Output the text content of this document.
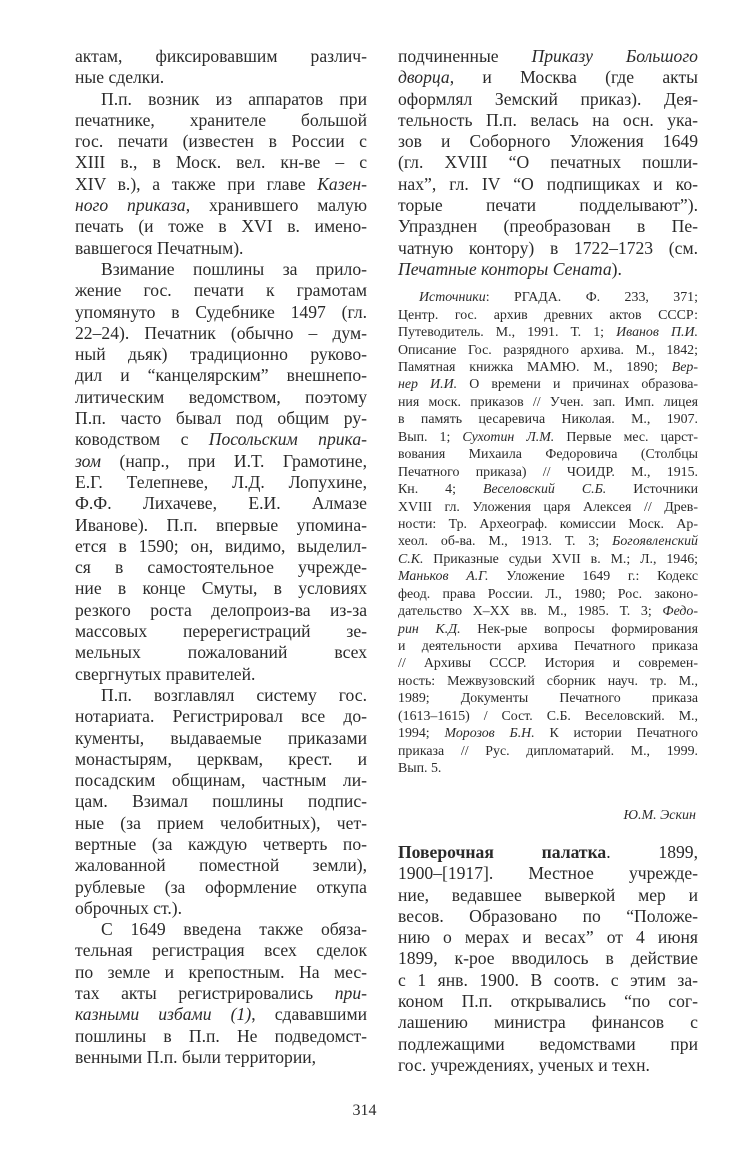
актам, фиксировавшим различ-
ные сделки.
П.п. возник из аппаратов при
печатнике, хранителе большой
гос. печати (известен в России с
XIII в., в Моск. вел. кн-ве – с
XIV в.), а также при главе Казен-
ного приказа, хранившего малую
печать (и тоже в XVI в. имено-
вавшегося Печатным).
Взимание пошлины за прило-
жение гос. печати к грамотам
упомянуто в Судебнике 1497 (гл.
22–24). Печатник (обычно – дум-
ный дьяк) традиционно руково-
дил и “канцелярским” внешнепо-
литическим ведомством, поэтому
П.п. часто бывал под общим ру-
ководством с Посольским прика-
зом (напр., при И.Т. Грамотине,
Е.Г. Телепневе, Л.Д. Лопухине,
Ф.Ф. Лихачеве, Е.И. Алмазе
Иванове). П.п. впервые упомина-
ется в 1590; он, видимо, выделил-
ся в самостоятельное учрежде-
ние в конце Смуты, в условиях
резкого роста делопроиз-ва из-за
массовых перерегистраций зе-
мельных пожалований всех
свергнутых правителей.
П.п. возглавлял систему гос.
нотариата. Регистрировал все до-
кументы, выдаваемые приказами
монастырям, церквам, крест. и
посадским общинам, частным ли-
цам. Взимал пошлины подпис-
ные (за прием челобитных), чет-
вертные (за каждую четверть по-
жалованной поместной земли),
рублевые (за оформление откупа
оброчных ст.).
С 1649 введена также обяза-
тельная регистрация всех сделок
по земле и крепостным. На мес-
тах акты регистрировались при-
казными избами (1), сдававшими
пошлины в П.п. Не подведомст-
венными П.п. были территории,
подчиненные Приказу Большого
дворца, и Москва (где акты
оформлял Земский приказ). Дея-
тельность П.п. велась на осн. ука-
зов и Соборного Уложения 1649
(гл. XVIII “О печатных пошли-
нах”, гл. IV “О подпищиках и ко-
торые печати подделывают”).
Упразднен (преобразован в Пе-
чатную контору) в 1722–1723 (см.
Печатные конторы Сената).
Источники: РГАДА. Ф. 233, 371;
Центр. гос. архив древних актов СССР:
Путеводитель. М., 1991. Т. 1; Иванов П.И.
Описание Гос. разрядного архива. М., 1842;
Памятная книжка МАМЮ. М., 1890; Вер-
нер И.И. О времени и причинах образова-
ния моск. приказов // Учен. зап. Имп. лицея
в память цесаревича Николая. М., 1907.
Вып. 1; Сухотин Л.М. Первые мес. царст-
вования Михаила Федоровича (Столбцы
Печатного приказа) // ЧОИДР. М., 1915.
Кн. 4; Веселовский С.Б. Источники
XVIII гл. Уложения царя Алексея // Древ-
ности: Тр. Археограф. комиссии Моск. Ар-
хеол. об-ва. М., 1913. Т. 3; Богоявленский
С.К. Приказные судьи XVII в. М.; Л., 1946;
Маньков А.Г. Уложение 1649 г.: Кодекс
феод. права России. Л., 1980; Рос. законо-
дательство X–XX вв. М., 1985. Т. 3; Федо-
рин К.Д. Нек-рые вопросы формирования
и деятельности архива Печатного приказа
// Архивы СССР. История и современ-
ность: Межвузовский сборник науч. тр. М.,
1989; Документы Печатного приказа
(1613–1615) / Сост. С.Б. Веселовский. М.,
1994; Морозов Б.Н. К истории Печатного
приказа // Рус. дипломатарий. М., 1999.
Вып. 5.
Ю.М. Эскин
Поверочная палатка. 1899,
1900–[1917]. Местное учрежде-
ние, ведавшее выверкой мер и
весов. Образовано по “Положе-
нию о мерах и весах” от 4 июня
1899, к-рое вводилось в действие
с 1 янв. 1900. В соотв. с этим за-
коном П.п. открывались “по сог-
лашению министра финансов с
подлежащими ведомствами при
гос. учреждениях, ученых и техн.
314
